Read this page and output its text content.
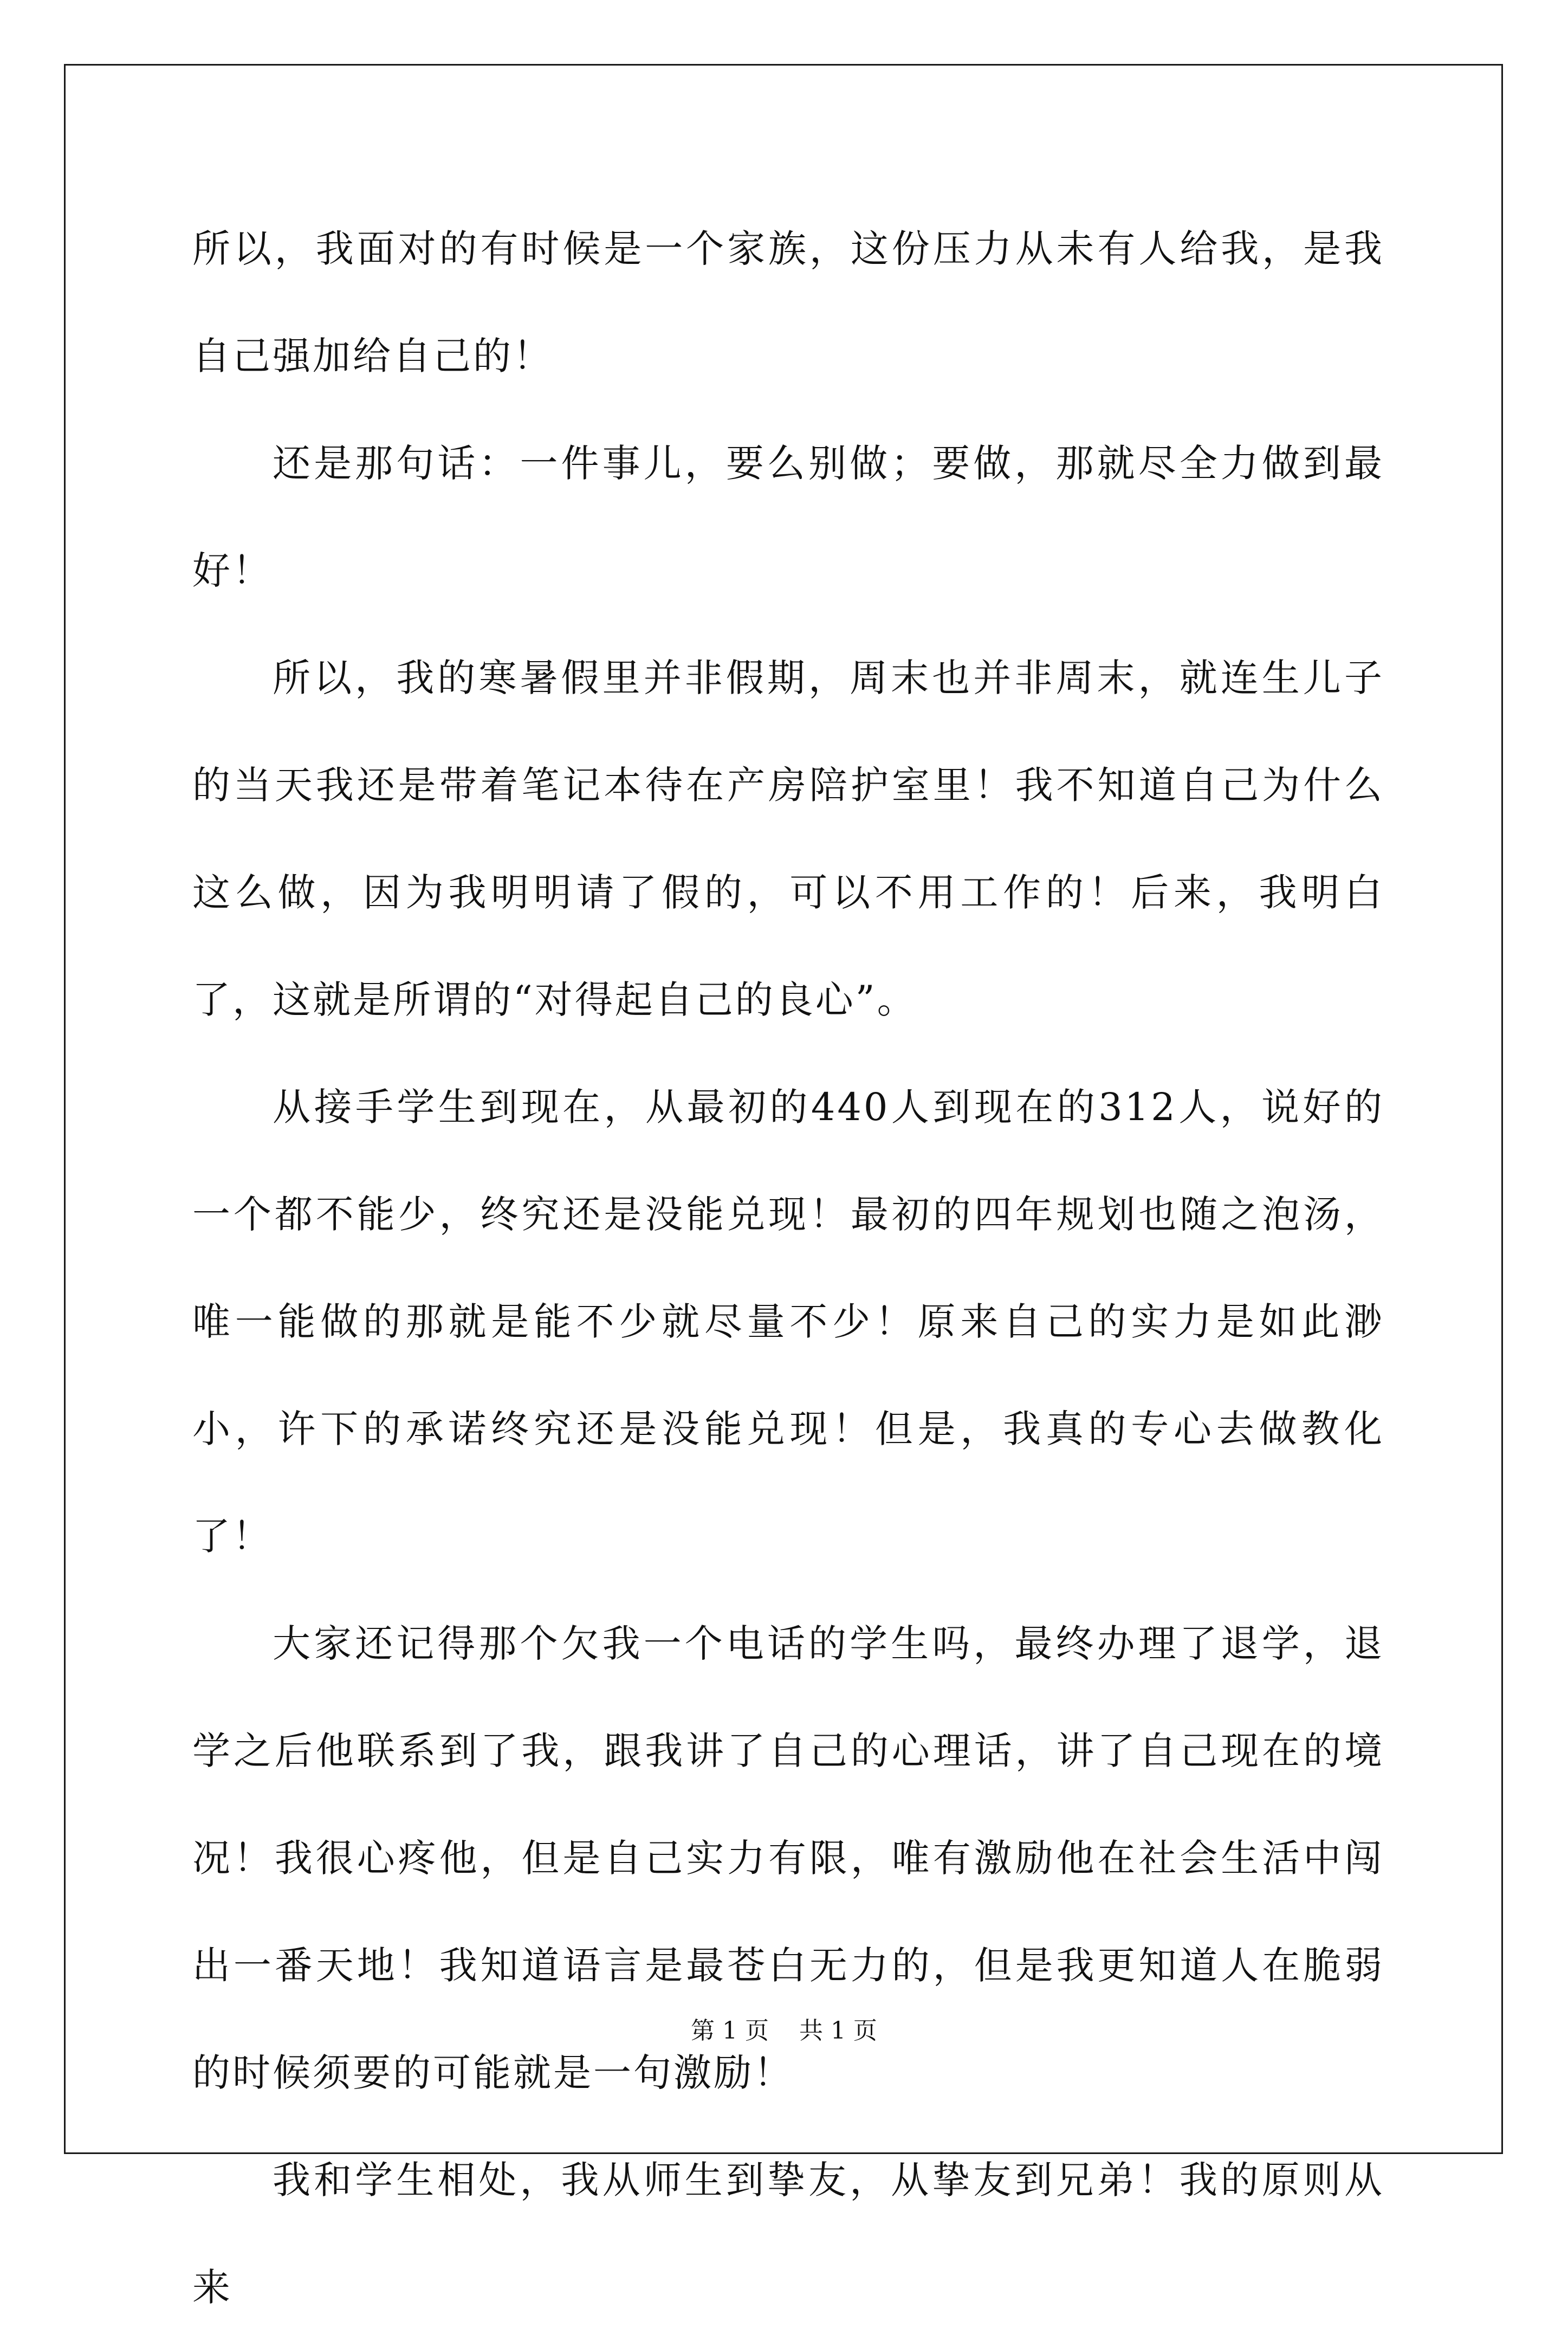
所以，我面对的有时候是一个家族，这份压力从未有人给我，是我自己强加给自己的！

还是那句话：一件事儿，要么别做；要做，那就尽全力做到最好！

所以，我的寒暑假里并非假期，周末也并非周末，就连生儿子的当天我还是带着笔记本待在产房陪护室里！我不知道自己为什么这么做，因为我明明请了假的，可以不用工作的！后来，我明白了，这就是所谓的“对得起自己的良心”。

从接手学生到现在，从最初的440人到现在的312人，说好的一个都不能少，终究还是没能兑现！最初的四年规划也随之泡汤，唯一能做的那就是能不少就尽量不少！原来自己的实力是如此渺小，许下的承诺终究还是没能兑现！但是，我真的专心去做教化了！

大家还记得那个欠我一个电话的学生吗，最终办理了退学，退学之后他联系到了我，跟我讲了自己的心理话，讲了自己现在的境况！我很心疼他，但是自己实力有限，唯有激励他在社会生活中闯出一番天地！我知道语言是最苍白无力的，但是我更知道人在脆弱的时候须要的可能就是一句激励！

我和学生相处，我从师生到挚友，从挚友到兄弟！我的原则从来

第 1 页    共 1 页
